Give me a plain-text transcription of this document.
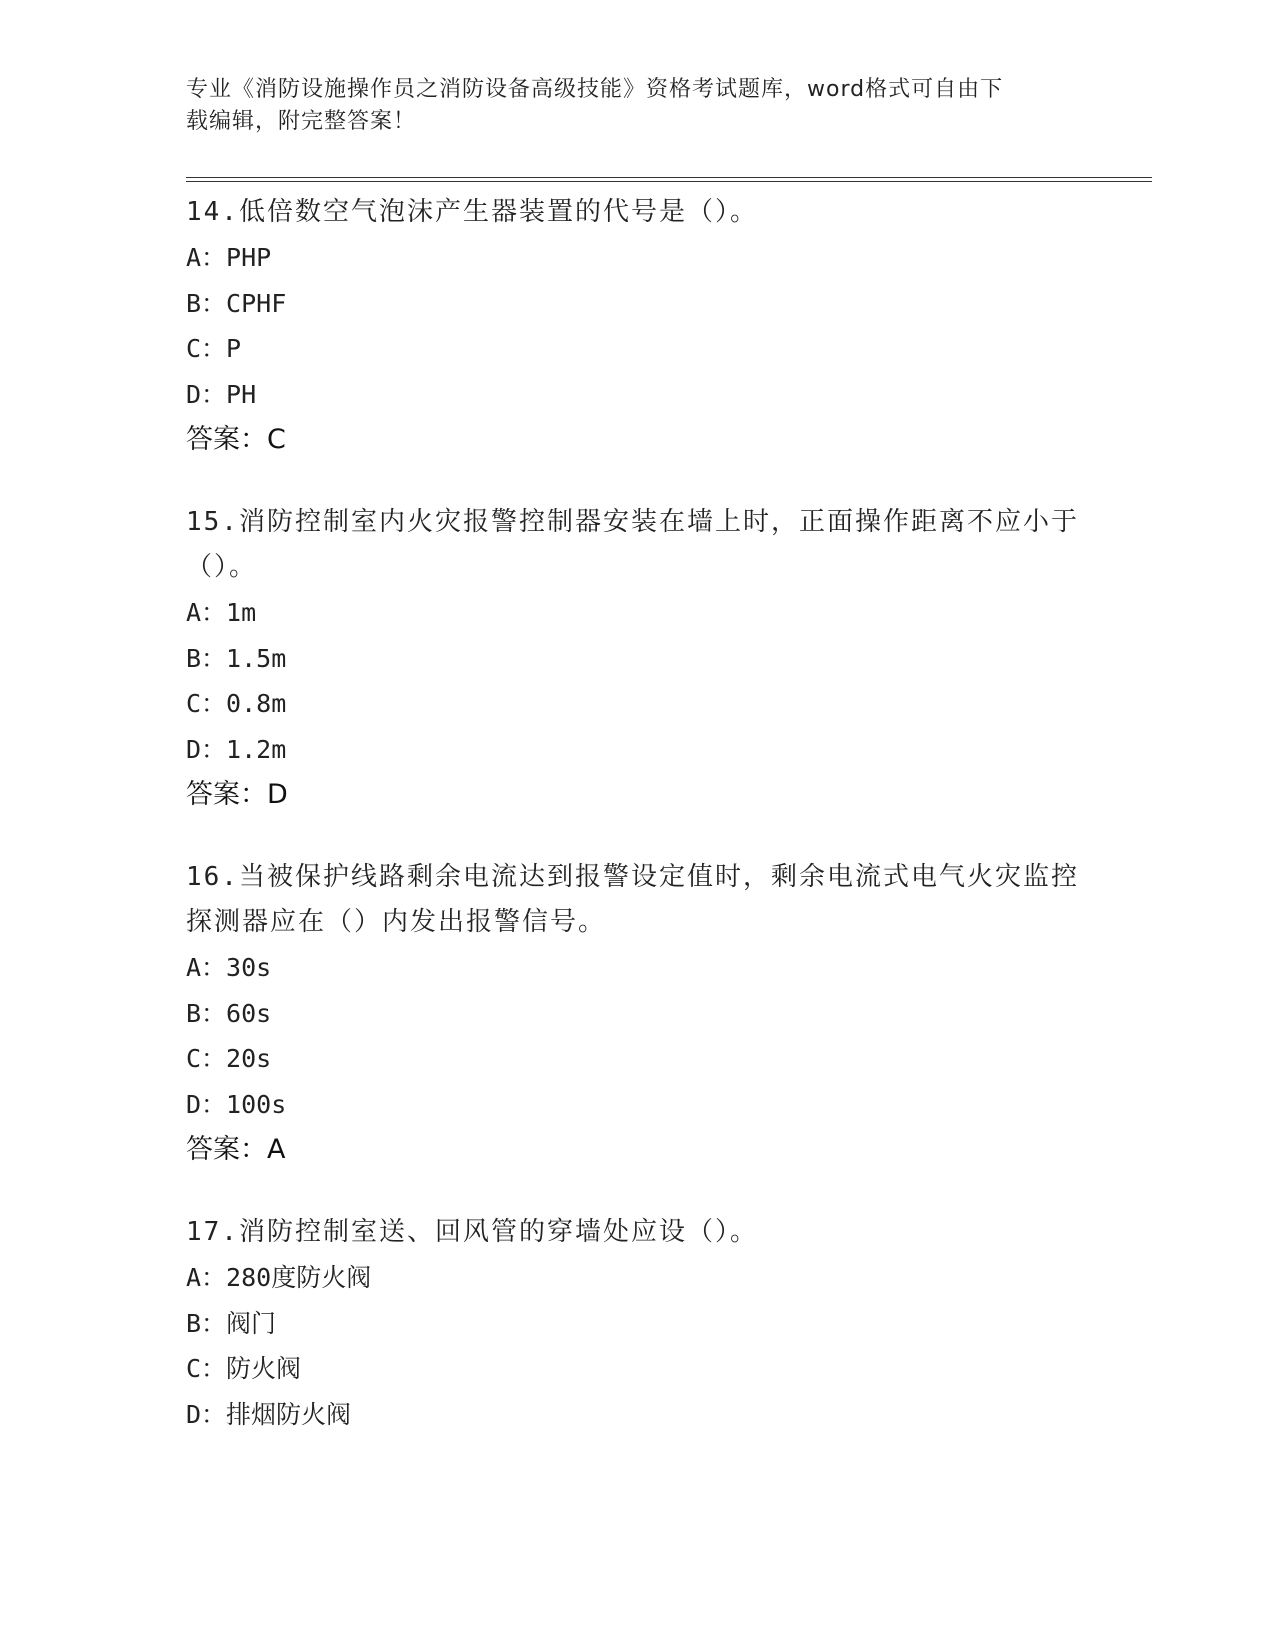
专业《消防设施操作员之消防设备高级技能》资格考试题库，word格式可自由下
载编辑，附完整答案！

14.低倍数空气泡沫产生器装置的代号是（）。

A：PHP

B：CPHF

C：P

D：PH

答案：C

15.消防控制室内火灾报警控制器安装在墙上时，正面操作距离不应小于（）。

A：1m

B：1.5m

C：0.8m

D：1.2m

答案：D

16.当被保护线路剩余电流达到报警设定值时，剩余电流式电气火灾监控探测器应在（）内发出报警信号。

A：30s

B：60s

C：20s

D：100s

答案：A

17.消防控制室送、回风管的穿墙处应设（）。

A：280度防火阀

B：阀门

C：防火阀

D：排烟防火阀
